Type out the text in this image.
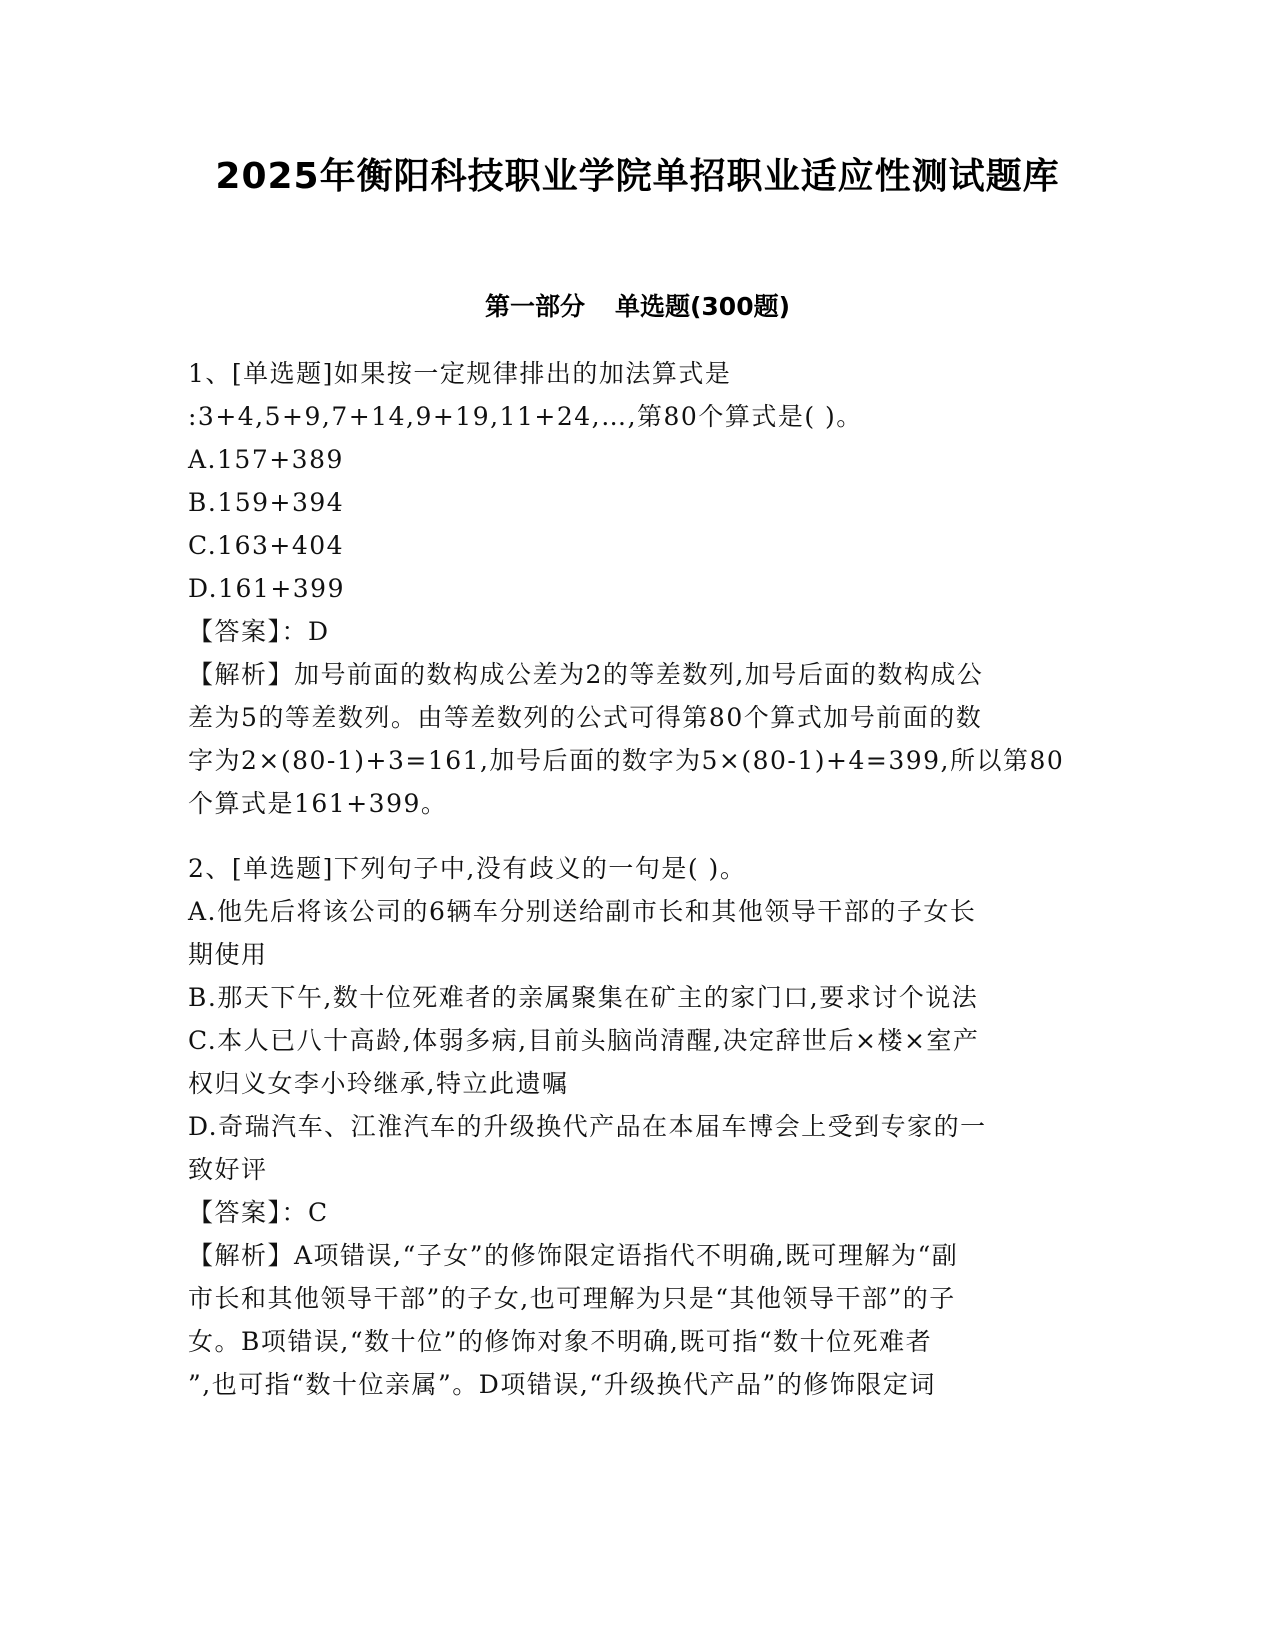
2025年衡阳科技职业学院单招职业适应性测试题库
第一部分 单选题(300题)
1、[单选题]如果按一定规律排出的加法算式是
:3+4,5+9,7+14,9+19,11+24,…,第80个算式是( )。
A.157+389
B.159+394
C.163+404
D.161+399
【答案】：D
【解析】加号前面的数构成公差为2的等差数列,加号后面的数构成公
差为5的等差数列。由等差数列的公式可得第80个算式加号前面的数
字为2×(80-1)+3=161,加号后面的数字为5×(80-1)+4=399,所以第80
个算式是161+399。
2、[单选题]下列句子中,没有歧义的一句是( )。
A.他先后将该公司的6辆车分别送给副市长和其他领导干部的子女长
期使用
B.那天下午,数十位死难者的亲属聚集在矿主的家门口,要求讨个说法
C.本人已八十高龄,体弱多病,目前头脑尚清醒,决定辞世后×楼×室产
权归义女李小玲继承,特立此遗嘱
D.奇瑞汽车、江淮汽车的升级换代产品在本届车博会上受到专家的一
致好评
【答案】：C
【解析】A项错误,“子女”的修饰限定语指代不明确,既可理解为“副
市长和其他领导干部”的子女,也可理解为只是“其他领导干部”的子
女。B项错误,“数十位”的修饰对象不明确,既可指“数十位死难者
”,也可指“数十位亲属”。D项错误,“升级换代产品”的修饰限定词
